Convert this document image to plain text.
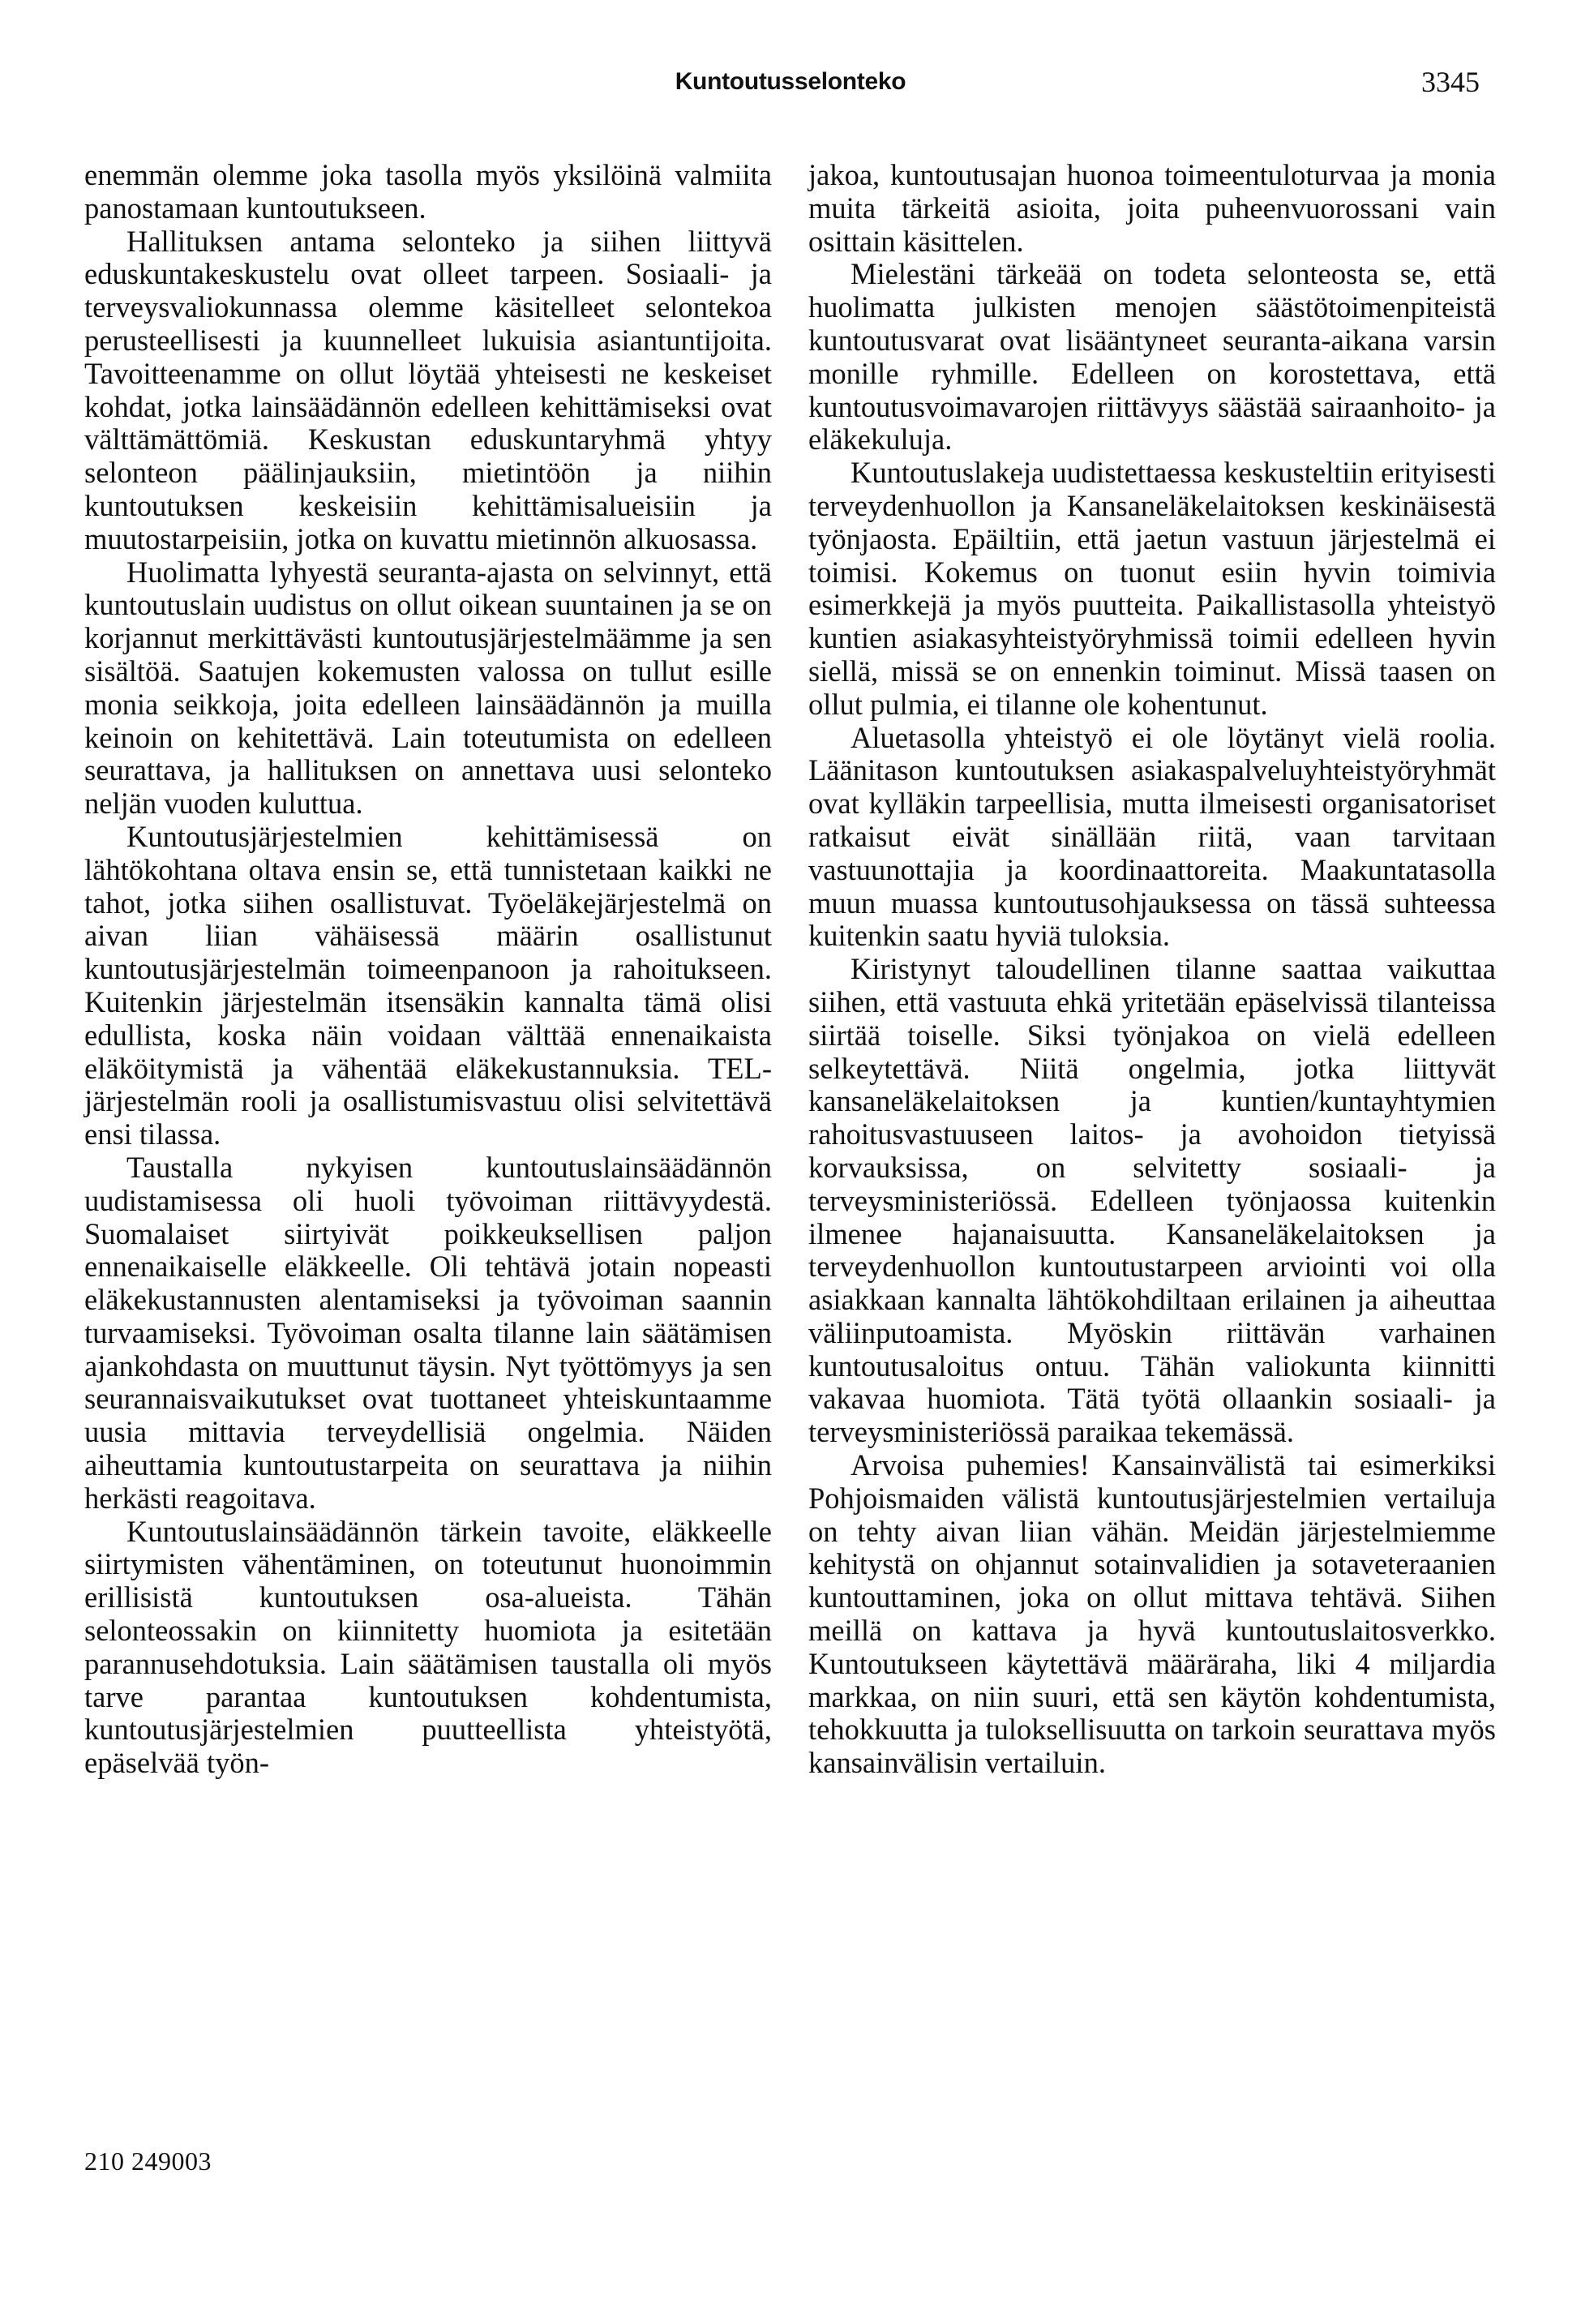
Kuntoutusselonteko	3345

enemmän olemme joka tasolla myös yksilöinä valmiita panostamaan kuntoutukseen.

Hallituksen antama selonteko ja siihen liittyvä eduskuntakeskustelu ovat olleet tarpeen. Sosiaali- ja terveysvaliokunnassa olemme käsitelleet selontekoa perusteellisesti ja kuunnelleet lukuisia asiantuntijoita. Tavoitteenamme on ollut löytää yhteisesti ne keskeiset kohdat, jotka lainsäädännön edelleen kehittämiseksi ovat välttämättömiä. Keskustan eduskuntaryhmä yhtyy selonteon päälinjauksiin, mietintöön ja niihin kuntoutuksen keskeisiin kehittämisalueisiin ja muutostarpeisiin, jotka on kuvattu mietinnön alkuosassa.

Huolimatta lyhyestä seuranta-ajasta on selvinnyt, että kuntoutuslain uudistus on ollut oikean suuntainen ja se on korjannut merkittävästi kuntoutusjärjestelmäämme ja sen sisältöä. Saatujen kokemusten valossa on tullut esille monia seikkoja, joita edelleen lainsäädännön ja muilla keinoin on kehitettävä. Lain toteutumista on edelleen seurattava, ja hallituksen on annettava uusi selonteko neljän vuoden kuluttua.

Kuntoutusjärjestelmien kehittämisessä on lähtökohtana oltava ensin se, että tunnistetaan kaikki ne tahot, jotka siihen osallistuvat. Työeläkejärjestelmä on aivan liian vähäisessä määrin osallistunut kuntoutusjärjestelmän toimeenpanoon ja rahoitukseen. Kuitenkin järjestelmän itsensäkin kannalta tämä olisi edullista, koska näin voidaan välttää ennenaikaista eläköitymistä ja vähentää eläkekustannuksia. TEL-järjestelmän rooli ja osallistumisvastuu olisi selvitettävä ensi tilassa.

Taustalla nykyisen kuntoutuslainsäädännön uudistamisessa oli huoli työvoiman riittävyydestä. Suomalaiset siirtyivät poikkeuksellisen paljon ennenaikaiselle eläkkeelle. Oli tehtävä jotain nopeasti eläkekustannusten alentamiseksi ja työvoiman saannin turvaamiseksi. Työvoiman osalta tilanne lain säätämisen ajankohdasta on muuttunut täysin. Nyt työttömyys ja sen seurannaisvaikutukset ovat tuottaneet yhteiskuntaamme uusia mittavia terveydellisiä ongelmia. Näiden aiheuttamia kuntoutustarpeita on seurattava ja niihin herkästi reagoitava.

Kuntoutuslainsäädännön tärkein tavoite, eläkkeelle siirtymisten vähentäminen, on toteutunut huonoimmin erillisistä kuntoutuksen osa-alueista. Tähän selonteossakin on kiinnitetty huomiota ja esitetään parannusehdotuksia. Lain säätämisen taustalla oli myös tarve parantaa kuntoutuksen kohdentumista, kuntoutusjärjestelmien puutteellista yhteistyötä, epäselvää työn-

jakoa, kuntoutusajan huonoa toimeentuloturvaa ja monia muita tärkeitä asioita, joita puheenvuorossani vain osittain käsittelen.

Mielestäni tärkeää on todeta selonteosta se, että huolimatta julkisten menojen säästötoimenpiteistä kuntoutusvarat ovat lisääntyneet seuranta-aikana varsin monille ryhmille. Edelleen on korostettava, että kuntoutusvoimavarojen riittävyys säästää sairaanhoito- ja eläkekuluja.

Kuntoutuslakeja uudistettaessa keskusteltiin erityisesti terveydenhuollon ja Kansaneläkelaitoksen keskinäisestä työnjaosta. Epäiltiin, että jaetun vastuun järjestelmä ei toimisi. Kokemus on tuonut esiin hyvin toimivia esimerkkejä ja myös puutteita. Paikallistasolla yhteistyö kuntien asiakasyhteistyöryhmissä toimii edelleen hyvin siellä, missä se on ennenkin toiminut. Missä taasen on ollut pulmia, ei tilanne ole kohentunut.

Aluetasolla yhteistyö ei ole löytänyt vielä roolia. Läänitason kuntoutuksen asiakaspalveluyhteistyöryhmät ovat kylläkin tarpeellisia, mutta ilmeisesti organisatoriset ratkaisut eivät sinällään riitä, vaan tarvitaan vastuunottajia ja koordinaattoreita. Maakuntatasolla muun muassa kuntoutusohjauksessa on tässä suhteessa kuitenkin saatu hyviä tuloksia.

Kiristynyt taloudellinen tilanne saattaa vaikuttaa siihen, että vastuuta ehkä yritetään epäselvissä tilanteissa siirtää toiselle. Siksi työnjakoa on vielä edelleen selkeytettävä. Niitä ongelmia, jotka liittyvät kansaneläkelaitoksen ja kuntien/kuntayhtymien rahoitusvastuuseen laitos- ja avohoidon tietyissä korvauksissa, on selvitetty sosiaali- ja terveysministeriössä. Edelleen työnjaossa kuitenkin ilmenee hajanaisuutta. Kansaneläkelaitoksen ja terveydenhuollon kuntoutustarpeen arviointi voi olla asiakkaan kannalta lähtökohdiltaan erilainen ja aiheuttaa väliinputoamista. Myöskin riittävän varhainen kuntoutusaloitus ontuu. Tähän valiokunta kiinnitti vakavaa huomiota. Tätä työtä ollaankin sosiaali- ja terveysministeriössä paraikaa tekemässä.

Arvoisa puhemies! Kansainvälistä tai esimerkiksi Pohjoismaiden välistä kuntoutusjärjestelmien vertailuja on tehty aivan liian vähän. Meidän järjestelmiemme kehitystä on ohjannut sotainvalidien ja sotaveteraanien kuntouttaminen, joka on ollut mittava tehtävä. Siihen meillä on kattava ja hyvä kuntoutuslaitosverkko. Kuntoutukseen käytettävä määräraha, liki 4 miljardia markkaa, on niin suuri, että sen käytön kohdentumista, tehokkuutta ja tuloksellisuutta on tarkoin seurattava myös kansainvälisin vertailuin.

210 249003
